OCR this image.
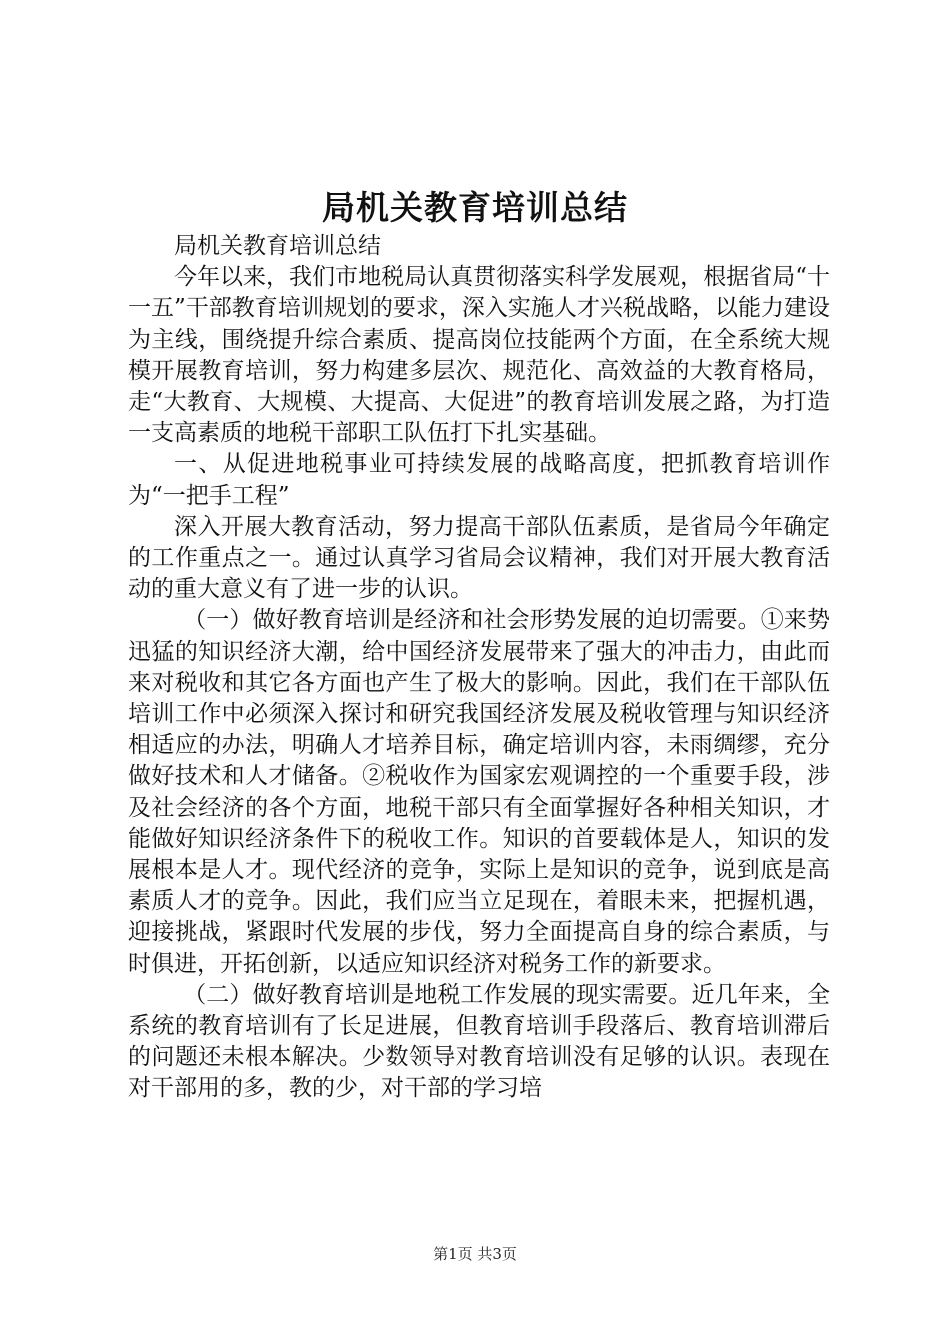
局机关教育培训总结

局机关教育培训总结

今年以来，我们市地税局认真贯彻落实科学发展观，根据省局“十一五”干部教育培训规划的要求，深入实施人才兴税战略，以能力建设为主线，围绕提升综合素质、提高岗位技能两个方面，在全系统大规模开展教育培训，努力构建多层次、规范化、高效益的大教育格局，走“大教育、大规模、大提高、大促进”的教育培训发展之路，为打造一支高素质的地税干部职工队伍打下扎实基础。

一、从促进地税事业可持续发展的战略高度，把抓教育培训作为“一把手工程”

深入开展大教育活动，努力提高干部队伍素质，是省局今年确定的工作重点之一。通过认真学习省局会议精神，我们对开展大教育活动的重大意义有了进一步的认识。

（一）做好教育培训是经济和社会形势发展的迫切需要。①来势迅猛的知识经济大潮，给中国经济发展带来了强大的冲击力，由此而来对税收和其它各方面也产生了极大的影响。因此，我们在干部队伍培训工作中必须深入探讨和研究我国经济发展及税收管理与知识经济相适应的办法，明确人才培养目标，确定培训内容，未雨绸缪，充分做好技术和人才储备。②税收作为国家宏观调控的一个重要手段，涉及社会经济的各个方面，地税干部只有全面掌握好各种相关知识，才能做好知识经济条件下的税收工作。知识的首要载体是人，知识的发展根本是人才。现代经济的竞争，实际上是知识的竞争，说到底是高素质人才的竞争。因此，我们应当立足现在，着眼未来，把握机遇，迎接挑战，紧跟时代发展的步伐，努力全面提高自身的综合素质，与时俱进，开拓创新，以适应知识经济对税务工作的新要求。

（二）做好教育培训是地税工作发展的现实需要。近几年来，全系统的教育培训有了长足进展，但教育培训手段落后、教育培训滞后的问题还未根本解决。少数领导对教育培训没有足够的认识。表现在对干部用的多，教的少，对干部的学习培

第1页 共3页
